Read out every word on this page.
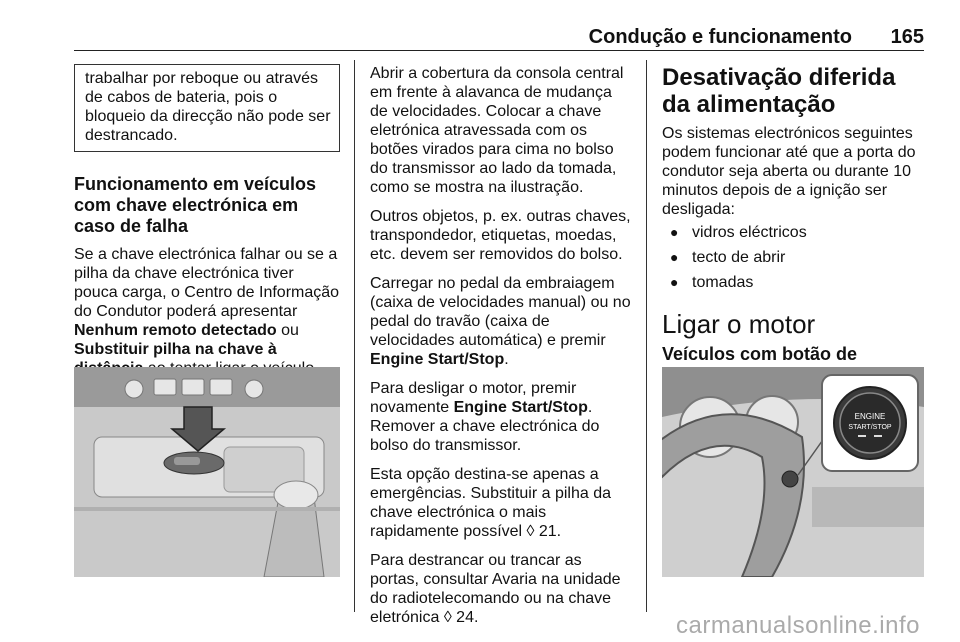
Condução e funcionamento 165
trabalhar por reboque ou através de cabos de bateria, pois o bloqueio da direcção não pode ser destrancado.
Funcionamento em veículos com chave electrónica em caso de falha

Se a chave electrónica falhar ou se a pilha da chave electrónica tiver pouca carga, o Centro de Informação do Condutor poderá apresentar Nenhum remoto detectado ou Substituir pilha na chave à

Abrir a cobertura da consola central em frente à alavanca de mudança de velocidades. Colocar a chave eletrónica atravessada com os botões virados para cima no bolso do transmissor ao lado da tomada, como se mostra na ilustração.

Outros objetos, p. ex. outras chaves, transpondedor, etiquetas, moedas, etc. devem ser removidos do bolso.

Carregar no pedal da embraiagem (caixa de velocidades manual) ou no pedal do travão (caixa de velocidades automática) e premir Engine Start/Stop.

Para desligar o motor, premir novamente Engine Start/Stop. Remover a chave electrónica do bolso do transmissor.

Esta opção destina-se apenas a emergências. Substituir a pilha da chave electrónica o mais rapidamente possível ◊ 21.

Para destrancar ou trancar as portas, consultar Avaria na unidade do radiotelecomando ou na chave eletrónica ◊ 24.

Desativação diferida da alimentação

Os sistemas electrónicos seguintes podem funcionar até que a porta do condutor seja aberta ou durante 10 minutos depois de a ignição ser desligada:

● vidros eléctricos
● tecto de abrir
● tomadas
Ligar o motor
Veículos com botão de
ENGINE
START/STOP
carmanualsonline.info
